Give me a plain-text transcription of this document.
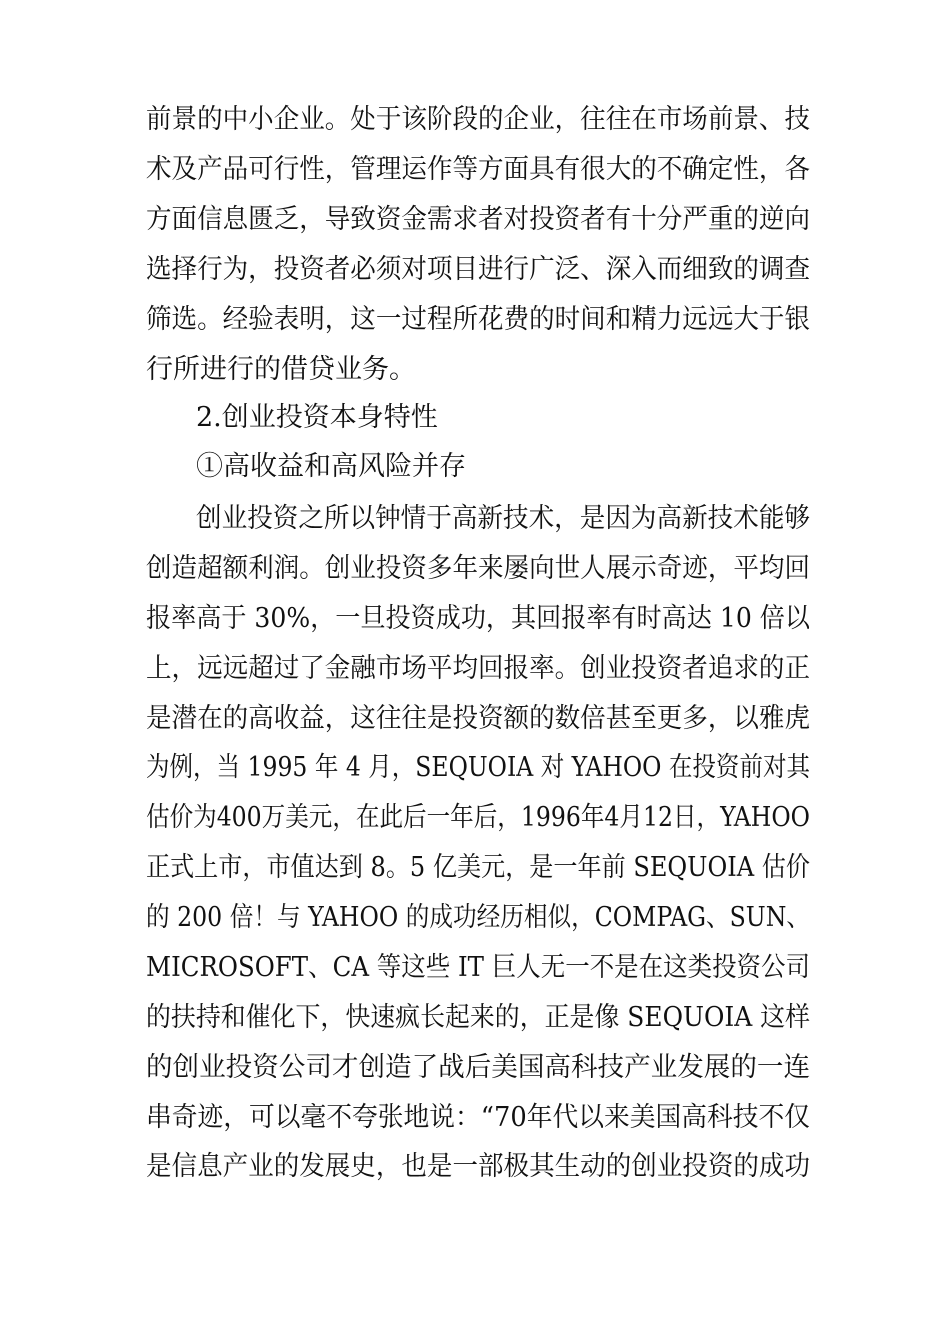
前景的中小企业。处于该阶段的企业，往往在市场前景、技
术及产品可行性，管理运作等方面具有很大的不确定性，各
方面信息匮乏，导致资金需求者对投资者有十分严重的逆向
选择行为，投资者必须对项目进行广泛、深入而细致的调查
筛选。经验表明，这一过程所花费的时间和精力远远大于银
行所进行的借贷业务。
2.创业投资本身特性
①高收益和高风险并存
创业投资之所以钟情于高新技术，是因为高新技术能够
创造超额利润。创业投资多年来屡向世人展示奇迹，平均回
报率高于 30%，一旦投资成功，其回报率有时高达 10 倍以
上，远远超过了金融市场平均回报率。创业投资者追求的正
是潜在的高收益，这往往是投资额的数倍甚至更多，以雅虎
为例，当 1995 年 4 月，SEQUOIA 对 YAHOO 在投资前对其
估价为400万美元，在此后一年后，1996年4月12日，YAHOO
正式上市，市值达到 8。5 亿美元，是一年前 SEQUOIA 估价
的 200 倍！与 YAHOO 的成功经历相似，COMPAG、SUN、
MICROSOFT、CA 等这些 IT 巨人无一不是在这类投资公司
的扶持和催化下，快速疯长起来的，正是像 SEQUOIA 这样
的创业投资公司才创造了战后美国高科技产业发展的一连
串奇迹，可以毫不夸张地说：“70年代以来美国高科技不仅
是信息产业的发展史，也是一部极其生动的创业投资的成功
